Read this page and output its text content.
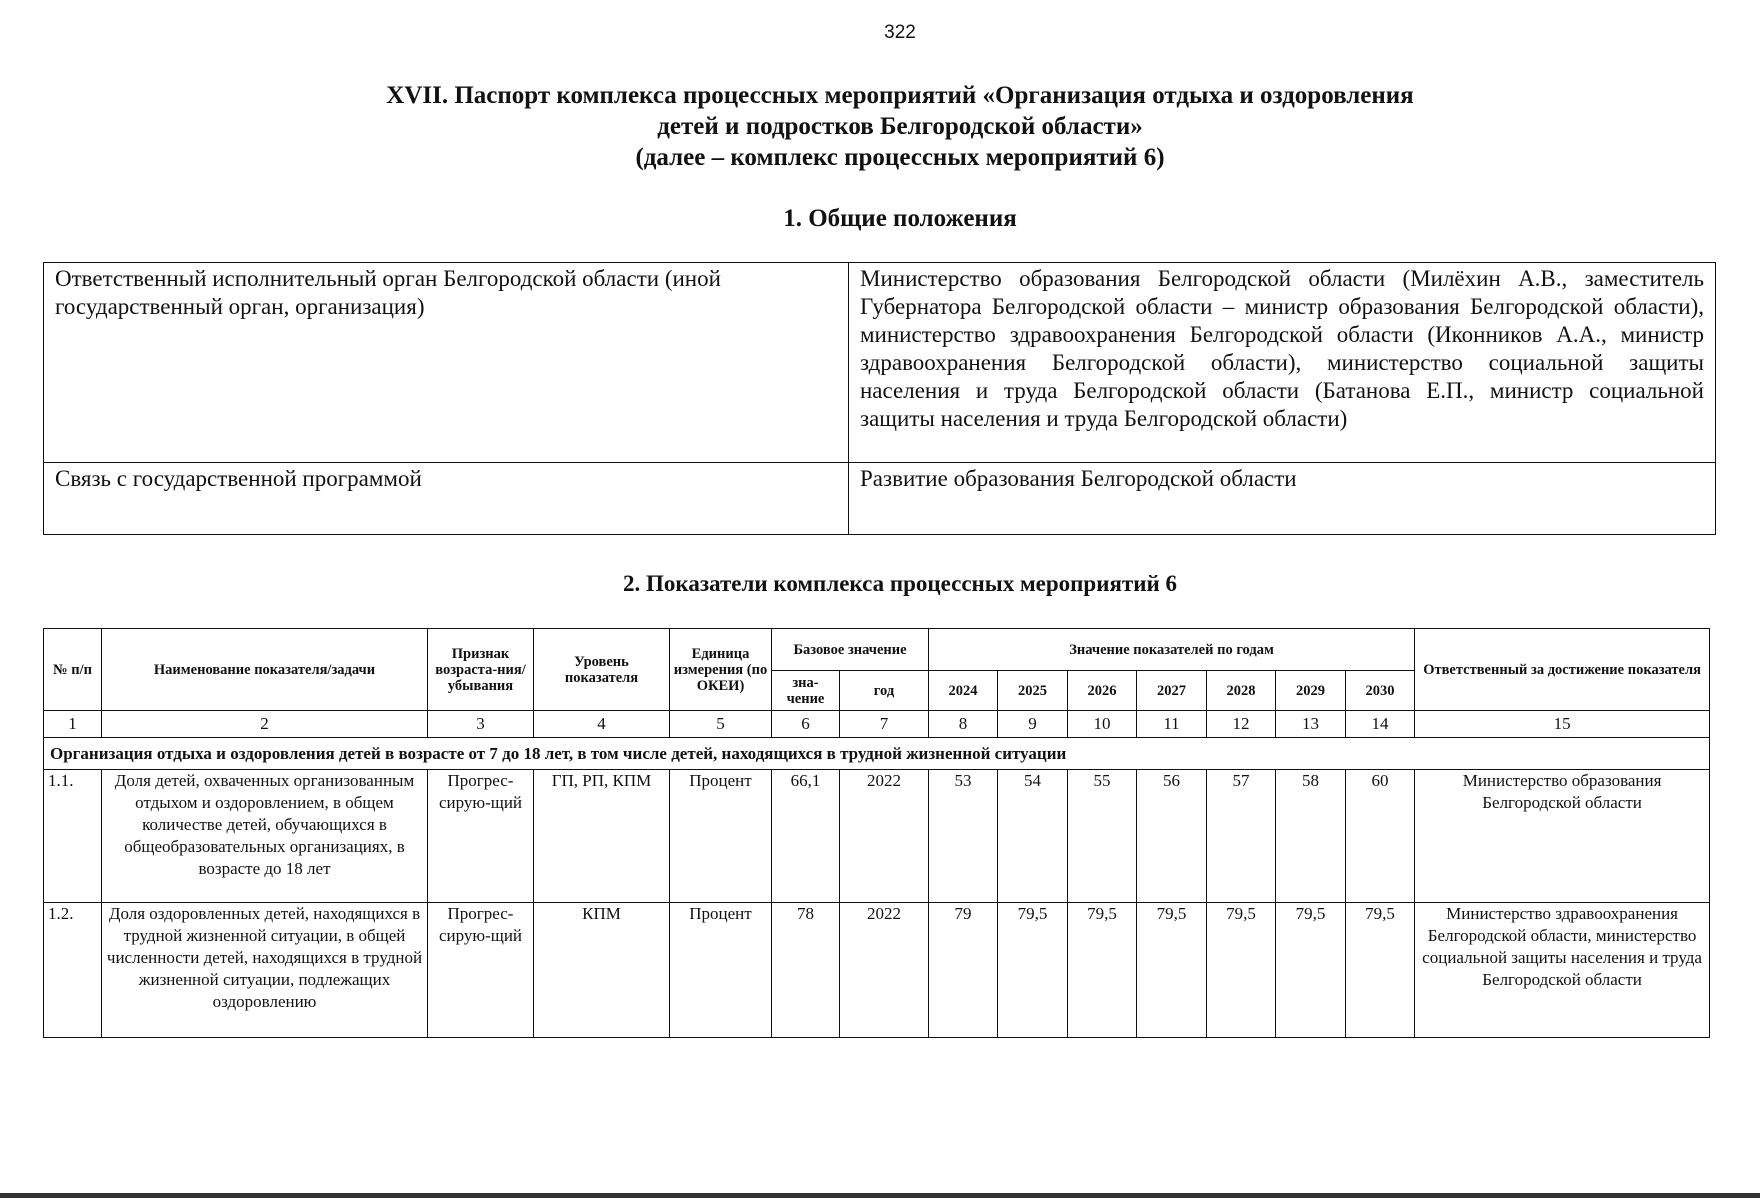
322
XVII. Паспорт комплекса процессных мероприятий «Организация отдыха и оздоровления
детей и подростков Белгородской области»
(далее – комплекс процессных мероприятий 6)
1. Общие положения
Ответственный исполнительный орган Белгородской области (иной государственный орган, организация)	Министерство образования Белгородской области (Милёхин А.В., заместитель Губернатора Белгородской области – министр образования Белгородской области), министерство здравоохранения Белгородской области (Иконников А.А., министр здравоохранения Белгородской области), министерство социальной защиты населения и труда Белгородской области (Батанова Е.П., министр социальной защиты населения и труда Белгородской области)
Связь с государственной программой	Развитие образования Белгородской области
2. Показатели комплекса процессных мероприятий 6
№ п/п	Наименование показателя/задачи	Признак возраста-ния/ убывания	Уровень показателя	Единица измерения (по ОКЕИ)	Базовое значение		Значение показателей по годам							Ответственный за достижение показателя
					зна-чение	год	2024	2025	2026	2027	2028	2029	2030	
1	2	3	4	5	6	7	8	9	10	11	12	13	14	15
Организация отдыха и оздоровления детей в возрасте от 7 до 18 лет, в том числе детей, находящихся в трудной жизненной ситуации														
1.1.	Доля детей, охваченных организованным отдыхом и оздоровлением, в общем количестве детей, обучающихся в общеобразовательных организациях, в возрасте до 18 лет	Прогрес-сирую-щий	ГП, РП, КПМ	Процент	66,1	2022	53	54	55	56	57	58	60	Министерство образования Белгородской области
1.2.	Доля оздоровленных детей, находящихся в трудной жизненной ситуации, в общей численности детей, находящихся в трудной жизненной ситуации, подлежащих оздоровлению	Прогрес-сирую-щий	КПМ	Процент	78	2022	79	79,5	79,5	79,5	79,5	79,5	79,5	Министерство здравоохранения Белгородской области, министерство социальной защиты населения и труда Белгородской области
